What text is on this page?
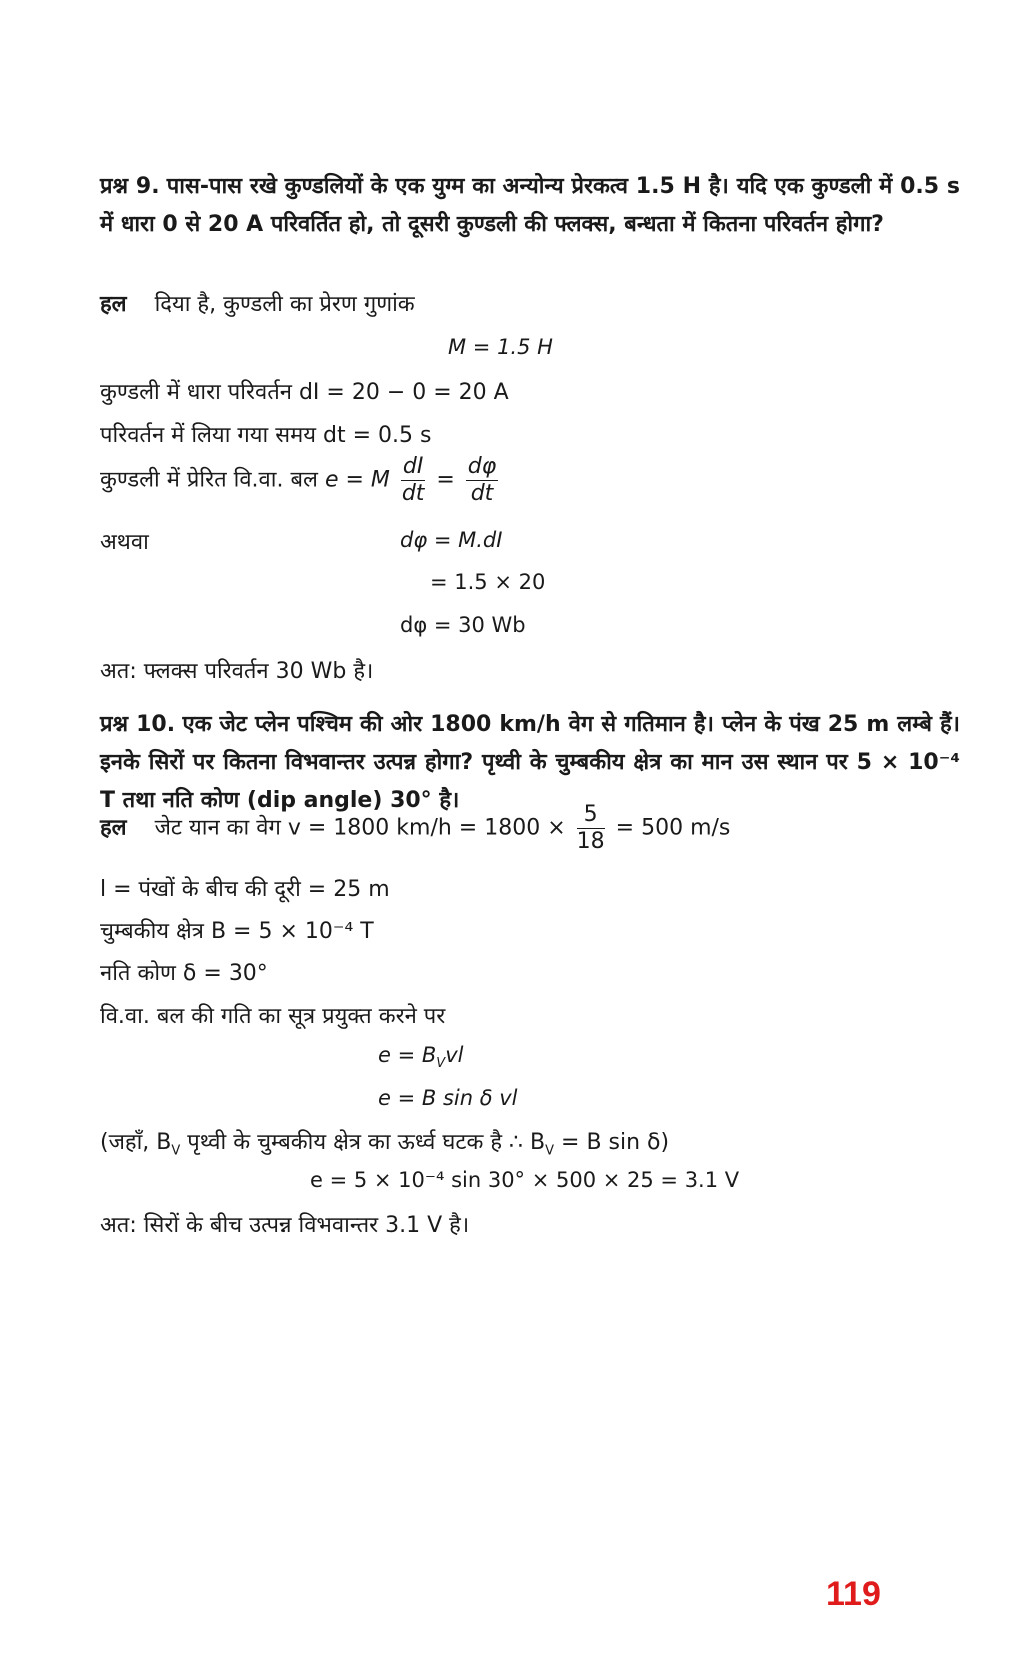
प्रश्न 9. पास-पास रखे कुण्डलियों के एक युग्म का अन्योन्य प्रेरकत्व 1.5 H है। यदि एक कुण्डली में 0.5 s में धारा 0 से 20 A परिवर्तित हो, तो दूसरी कुण्डली की फ्लक्स, बन्धता में कितना परिवर्तन होगा?
हल दिया है, कुण्डली का प्रेरण गुणांक
M = 1.5 H
कुण्डली में धारा परिवर्तन dI = 20 − 0 = 20 A
परिवर्तन में लिया गया समय dt = 0.5 s
कुण्डली में प्रेरित वि.वा. बल e = M $\frac{dI}{dt} = \frac{d\varphi}{dt}$
अथवा	dφ = M.dI
= 1.5 × 20
dφ = 30 Wb
अत: फ्लक्स परिवर्तन 30 Wb है।
प्रश्न 10. एक जेट प्लेन पश्चिम की ओर 1800 km/h वेग से गतिमान है। प्लेन के पंख 25 m लम्बे हैं। इनके सिरों पर कितना विभवान्तर उत्पन्न होगा? पृथ्वी के चुम्बकीय क्षेत्र का मान उस स्थान पर 5 × 10⁻⁴ T तथा नति कोण (dip angle) 30° है।
हल जेट यान का वेग v = 1800 $km/h = 1800 \times \frac{5}{18} = 500$ m/s
l = पंखों के बीच की दूरी = 25 m
चुम्बकीय क्षेत्र B = 5 × 10⁻⁴ T
नति कोण δ = 30°
वि.वा. बल की गति का सूत्र प्रयुक्त करने पर
$e = B_Vvl$
e = B sin δ vl
(जहाँ, $B_V$ पृथ्वी के चुम्बकीय क्षेत्र का ऊर्ध्व घटक है ∴ $B_V = B$ sin δ)
e = 5 × 10⁻⁴ sin 30° × 500 × 25 = 3.1 V
अत: सिरों के बीच उत्पन्न विभवान्तर 3.1 V है।
119
